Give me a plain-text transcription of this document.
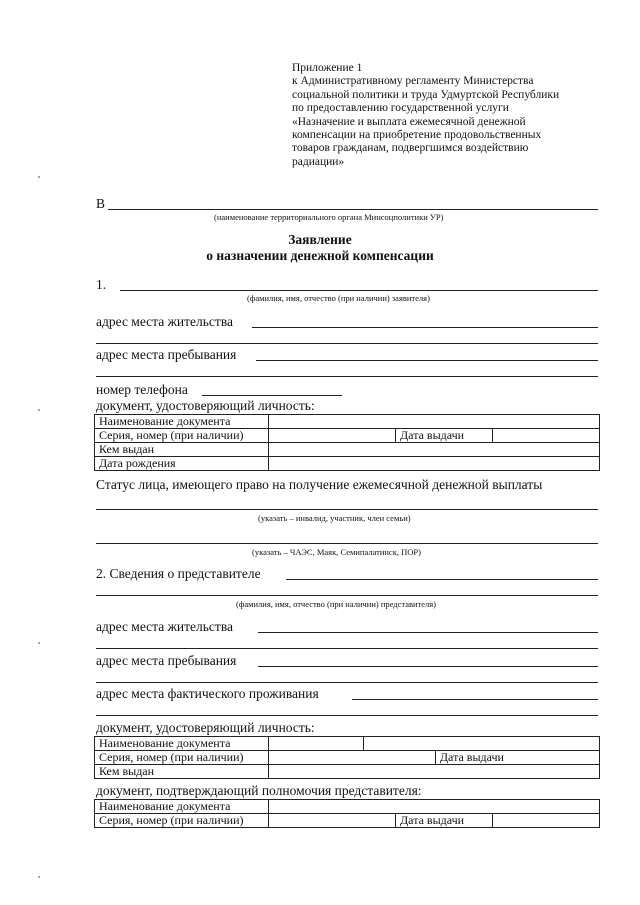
Приложение 1
к Административному регламенту Министерства
социальной политики и труда Удмуртской Республики
по предоставлению государственной услуги
«Назначение и выплата ежемесячной денежной
компенсации на приобретение продовольственных
товаров гражданам, подвергшимся воздействию
радиации»
В
(наименование территориального органа Минсоцполитики УР)
Заявление
о назначении денежной компенсации
1.
(фамилия, имя, отчество (при наличии) заявителя)
адрес места жительства
адрес места пребывания
номер телефона
документ, удостоверяющий личность:
Наименование документа			
Серия, номер (при наличии)		Дата выдачи	
Кем выдан			
Дата рождения			
Статус лица, имеющего право на получение ежемесячной денежной выплаты
(указать – инвалид, участник, член семьи)
(указать – ЧАЭС, Маяк, Семипалатинск, ПОР)
2. Сведения о представителе
(фамилия, имя, отчество (при наличии) представителя)
адрес места жительства
адрес места пребывания
адрес места фактического проживания
документ, удостоверяющий личность:
Наименование документа			
Серия, номер (при наличии)			Дата выдачи
Кем выдан			
документ, подтверждающий полномочия представителя:
Наименование документа			
Серия, номер (при наличии)		Дата выдачи	
